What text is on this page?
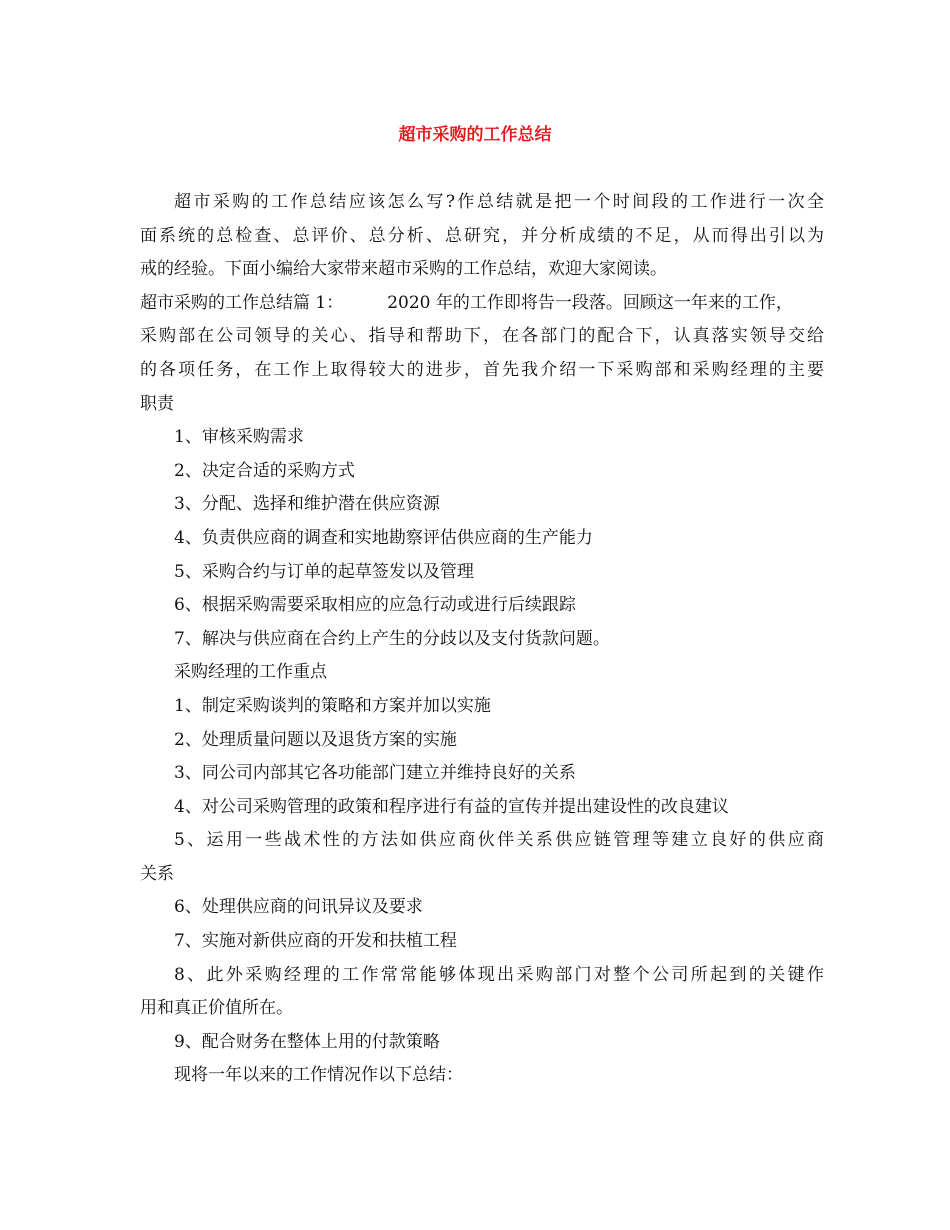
超市采购的工作总结
超市采购的工作总结应该怎么写?作总结就是把一个时间段的工作进行一次全
面系统的总检查、总评价、总分析、总研究，并分析成绩的不足，从而得出引以为
戒的经验。下面小编给大家带来超市采购的工作总结，欢迎大家阅读。
超市采购的工作总结篇 1：	2020 年的工作即将告一段落。回顾这一年来的工作，
采购部在公司领导的关心、指导和帮助下，在各部门的配合下，认真落实领导交给
的各项任务，在工作上取得较大的进步，首先我介绍一下采购部和采购经理的主要
职责
1、审核采购需求
2、决定合适的采购方式
3、分配、选择和维护潜在供应资源
4、负责供应商的调查和实地勘察评估供应商的生产能力
5、采购合约与订单的起草签发以及管理
6、根据采购需要采取相应的应急行动或进行后续跟踪
7、解决与供应商在合约上产生的分歧以及支付货款问题。
采购经理的工作重点
1、制定采购谈判的策略和方案并加以实施
2、处理质量问题以及退货方案的实施
3、同公司内部其它各功能部门建立并维持良好的关系
4、对公司采购管理的政策和程序进行有益的宣传并提出建设性的改良建议
5、运用一些战术性的方法如供应商伙伴关系供应链管理等建立良好的供应商
关系
6、处理供应商的问讯异议及要求
7、实施对新供应商的开发和扶植工程
8、此外采购经理的工作常常能够体现出采购部门对整个公司所起到的关键作
用和真正价值所在。
9、配合财务在整体上用的付款策略
现将一年以来的工作情况作以下总结：
